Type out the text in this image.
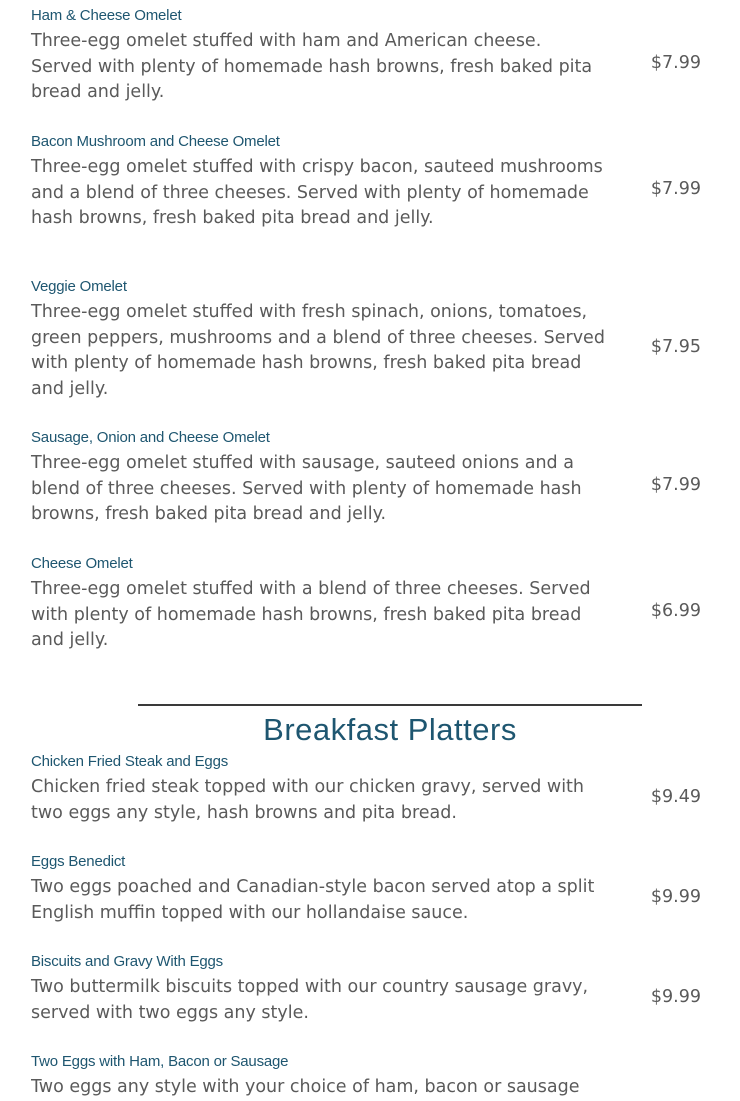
Ham & Cheese Omelet
Three-egg omelet stuffed with ham and American cheese. Served with plenty of homemade hash browns, fresh baked pita bread and jelly.
$7.99
Bacon Mushroom and Cheese Omelet
Three-egg omelet stuffed with crispy bacon, sauteed mushrooms and a blend of three cheeses. Served with plenty of homemade hash browns, fresh baked pita bread and jelly.
$7.99
Veggie Omelet
Three-egg omelet stuffed with fresh spinach, onions, tomatoes, green peppers, mushrooms and a blend of three cheeses. Served with plenty of homemade hash browns, fresh baked pita bread and jelly.
$7.95
Sausage, Onion and Cheese Omelet
Three-egg omelet stuffed with sausage, sauteed onions and a blend of three cheeses. Served with plenty of homemade hash browns, fresh baked pita bread and jelly.
$7.99
Cheese Omelet
Three-egg omelet stuffed with a blend of three cheeses. Served with plenty of homemade hash browns, fresh baked pita bread and jelly.
$6.99
Breakfast Platters
Chicken Fried Steak and Eggs
Chicken fried steak topped with our chicken gravy, served with two eggs any style, hash browns and pita bread.
$9.49
Eggs Benedict
Two eggs poached and Canadian-style bacon served atop a split English muffin topped with our hollandaise sauce.
$9.99
Biscuits and Gravy With Eggs
Two buttermilk biscuits topped with our country sausage gravy, served with two eggs any style.
$9.99
Two Eggs with Ham, Bacon or Sausage
Two eggs any style with your choice of ham, bacon or sausage
